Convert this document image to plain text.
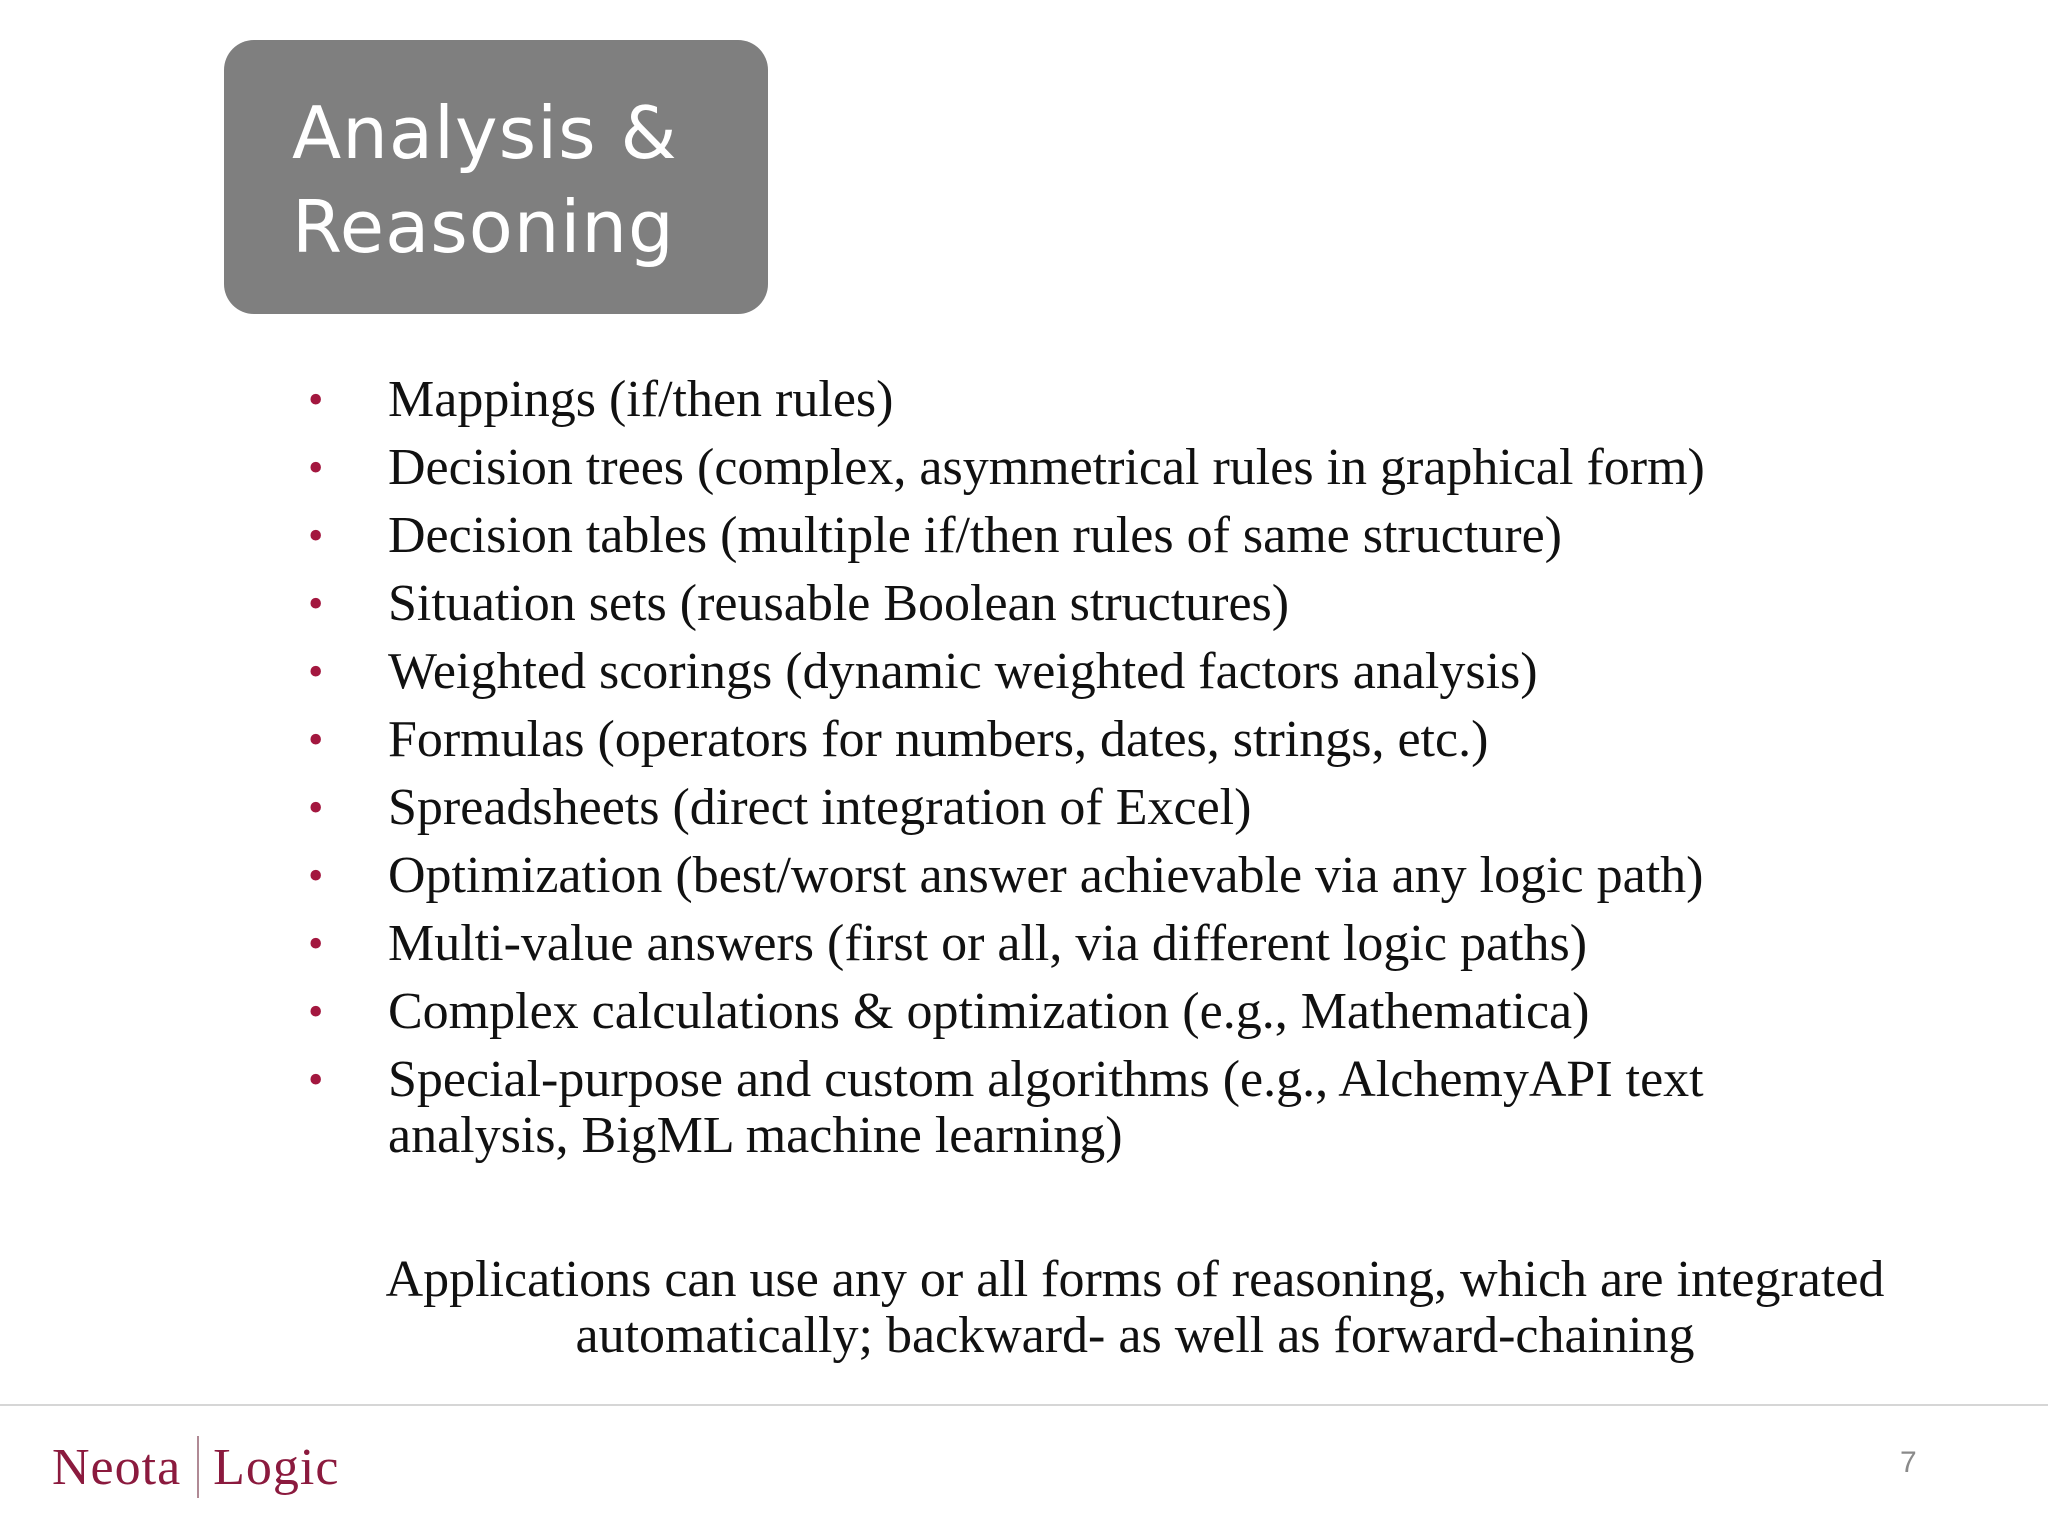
Analysis &
Reasoning
• Mappings (if/then rules)
• Decision trees (complex, asymmetrical rules in graphical form)
• Decision tables (multiple if/then rules of same structure)
• Situation sets (reusable Boolean structures)
• Weighted scorings (dynamic weighted factors analysis)
• Formulas (operators for numbers, dates, strings, etc.)
• Spreadsheets (direct integration of Excel)
• Optimization (best/worst answer achievable via any logic path)
• Multi-value answers (first or all, via different logic paths)
• Complex calculations & optimization (e.g., Mathematica)
• Special-purpose and custom algorithms (e.g., AlchemyAPI text analysis, BigML machine learning)
Applications can use any or all forms of reasoning, which are integrated
automatically; backward- as well as forward-chaining
Neota Logic	7
